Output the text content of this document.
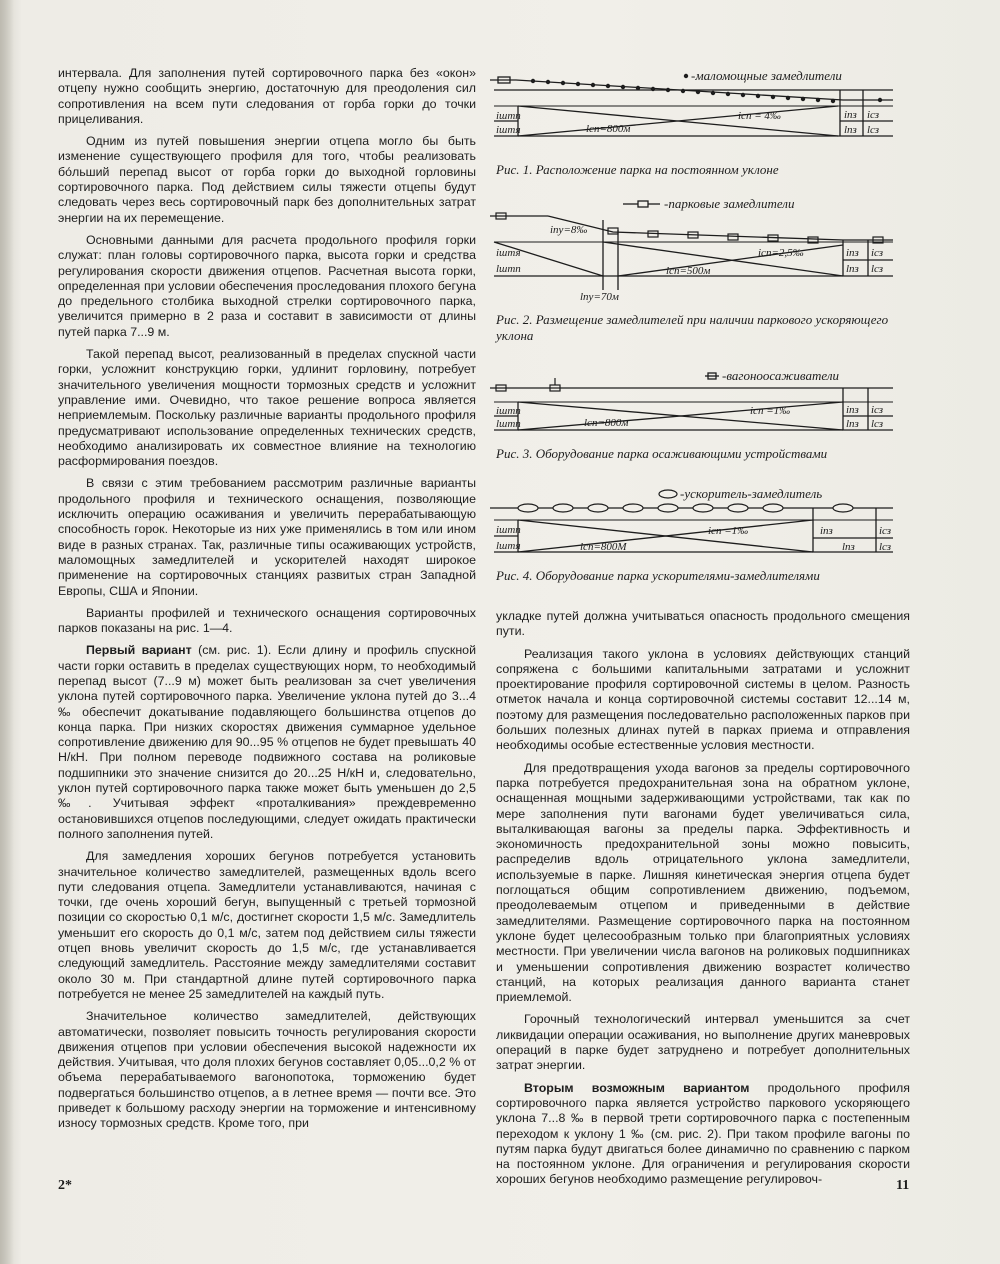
интервала. Для заполнения путей сортировочного парка без «окон» отцепу нужно сообщить энергию, достаточную для преодоления сил сопротивления на всем пути следования от горба горки до точки прицеливания.

Одним из путей повышения энергии отцепа могло бы быть изменение существующего профиля для того, чтобы реализовать бо́льший перепад высот от горба горки до выходной горловины сортировочного парка. Под действием силы тяжести отцепы будут следовать через весь сортировочный парк без дополнительных затрат энергии на их перемещение.

Основными данными для расчета продольного профиля горки служат: план головы сортировочного парка, высота горки и средства регулирования скорости движения отцепов. Расчетная высота горки, определенная при условии обеспечения проследования плохого бегуна до предельного столбика выходной стрелки сортировочного парка, увеличится примерно в 2 раза и составит в зависимости от длины путей парка 7...9 м.

Такой перепад высот, реализованный в пределах спускной части горки, усложнит конструкцию горки, удлинит горловину, потребует значительного увеличения мощности тормозных средств и усложнит управление ими. Очевидно, что такое решение вопроса является неприемлемым. Поскольку различные варианты продольного профиля предусматривают использование определенных технических средств, необходимо анализировать их совместное влияние на технологию расформирования поездов.

В связи с этим требованием рассмотрим различные варианты продольного профиля и технического оснащения, позволяющие исключить операцию осаживания и увеличить перерабатывающую способность горок. Некоторые из них уже применялись в том или ином виде в разных странах. Так, различные типы осаживающих устройств, маломощных замедлителей и ускорителей находят широкое применение на сортировочных станциях развитых стран Западной Европы, США и Японии.

Варианты профилей и технического оснащения сортировочных парков показаны на рис. 1—4.

Первый вариант (см. рис. 1). Если длину и профиль спускной части горки оставить в пределах существующих норм, то необходимый перепад высот (7...9 м) может быть реализован за счет увеличения уклона путей сортировочного парка. Увеличение уклона путей до 3...4 ‰ обеспечит докатывание подавляющего большинства отцепов до конца парка. При низких скоростях движения суммарное удельное сопротивление движению для 90...95 % отцепов не будет превышать 40 Н/кН. При полном переводе подвижного состава на роликовые подшипники это значение снизится до 20...25 Н/кН и, следовательно, уклон путей сортировочного парка также может быть уменьшен до 2,5 ‰. Учитывая эффект «проталкивания» преждевременно остановившихся отцепов последующими, следует ожидать практически полного заполнения путей.

Для замедления хороших бегунов потребуется установить значительное количество замедлителей, размещенных вдоль всего пути следования отцепа. Замедлители устанавливаются, начиная с точки, где очень хороший бегун, выпущенный с третьей тормозной позиции со скоростью 0,1 м/с, достигнет скорости 1,5 м/с. Замедлитель уменьшит его скорость до 0,1 м/с, затем под действием силы тяжести отцеп вновь увеличит скорость до 1,5 м/с, где устанавливается следующий замедлитель. Расстояние между замедлителями составит около 30 м. При стандартной длине путей сортировочного парка потребуется не менее 25 замедлителей на каждый путь.

Значительное количество замедлителей, действующих автоматически, позволяет повысить точность регулирования скорости движения отцепов при условии обеспечения высокой надежности их действия. Учитывая, что доля плохих бегунов составляет 0,05...0,2 % от объема перерабатываемого вагонопотока, торможению будет подвергаться большинство отцепов, а в летнее время — почти все. Это приведет к большому расходу энергии на торможение и интенсивному износу тормозных средств. Кроме того, при

-маломощные замедлители
iштп
iштя	lсп=800м
iсп = 4‰	iпз
lпз
iсз
lсз
Рис. 1. Расположение парка на постоянном уклоне
-парковые замедлители
iпу=8‰
iштя
lштп
iсп=2,5‰
lсп=500м
lпу=70м
iпз
lпз
iсз
lсз
Рис. 2. Размещение замедлителей при наличии паркового ускоряющего уклона
-вагоноосаживатели
iштп
lштп	lсп=800м
iсп =1‰	iпз
lпз
iсз
lсз
Рис. 3. Оборудование парка осаживающими устройствами
-ускоритель-замедлитель
iштп
lштя
iсп =1‰
lсп=800М
iпз
lпз
iсз
lсз
Рис. 4. Оборудование парка ускорителями-замедлителями

укладке путей должна учитываться опасность продольного смещения пути.

Реализация такого уклона в условиях действующих станций сопряжена с большими капитальными затратами и усложнит проектирование профиля сортировочной системы в целом. Разность отметок начала и конца сортировочной системы составит 12...14 м, поэтому для размещения последовательно расположенных парков при больших полезных длинах путей в парках приема и отправления необходимы особые естественные условия местности.

Для предотвращения ухода вагонов за пределы сортировочного парка потребуется предохранительная зона на обратном уклоне, оснащенная мощными задерживающими устройствами, так как по мере заполнения пути вагонами будет увеличиваться сила, выталкивающая вагоны за пределы парка. Эффективность и экономичность предохранительной зоны можно повысить, распределив вдоль отрицательного уклона замедлители, используемые в парке. Лишняя кинетическая энергия отцепа будет поглощаться общим сопротивлением движению, подъемом, преодолеваемым отцепом и приведенными в действие замедлителями. Размещение сортировочного парка на постоянном уклоне будет целесообразным только при благоприятных условиях местности. При увеличении числа вагонов на роликовых подшипниках и уменьшении сопротивления движению возрастет количество станций, на которых реализация данного варианта станет приемлемой.

Горочный технологический интервал уменьшится за счет ликвидации операции осаживания, но выполнение других маневровых операций в парке будет затруднено и потребует дополнительных затрат энергии.

Вторым возможным вариантом продольного профиля сортировочного парка является устройство паркового ускоряющего уклона 7...8 ‰ в первой трети сортировочного парка с постепенным переходом к уклону 1 ‰ (см. рис. 2). При таком профиле вагоны по путям парка будут двигаться более динамично по сравнению с парком на постоянном уклоне. Для ограничения и регулирования скорости хороших бегунов необходимо размещение регулировоч-

2*	11
